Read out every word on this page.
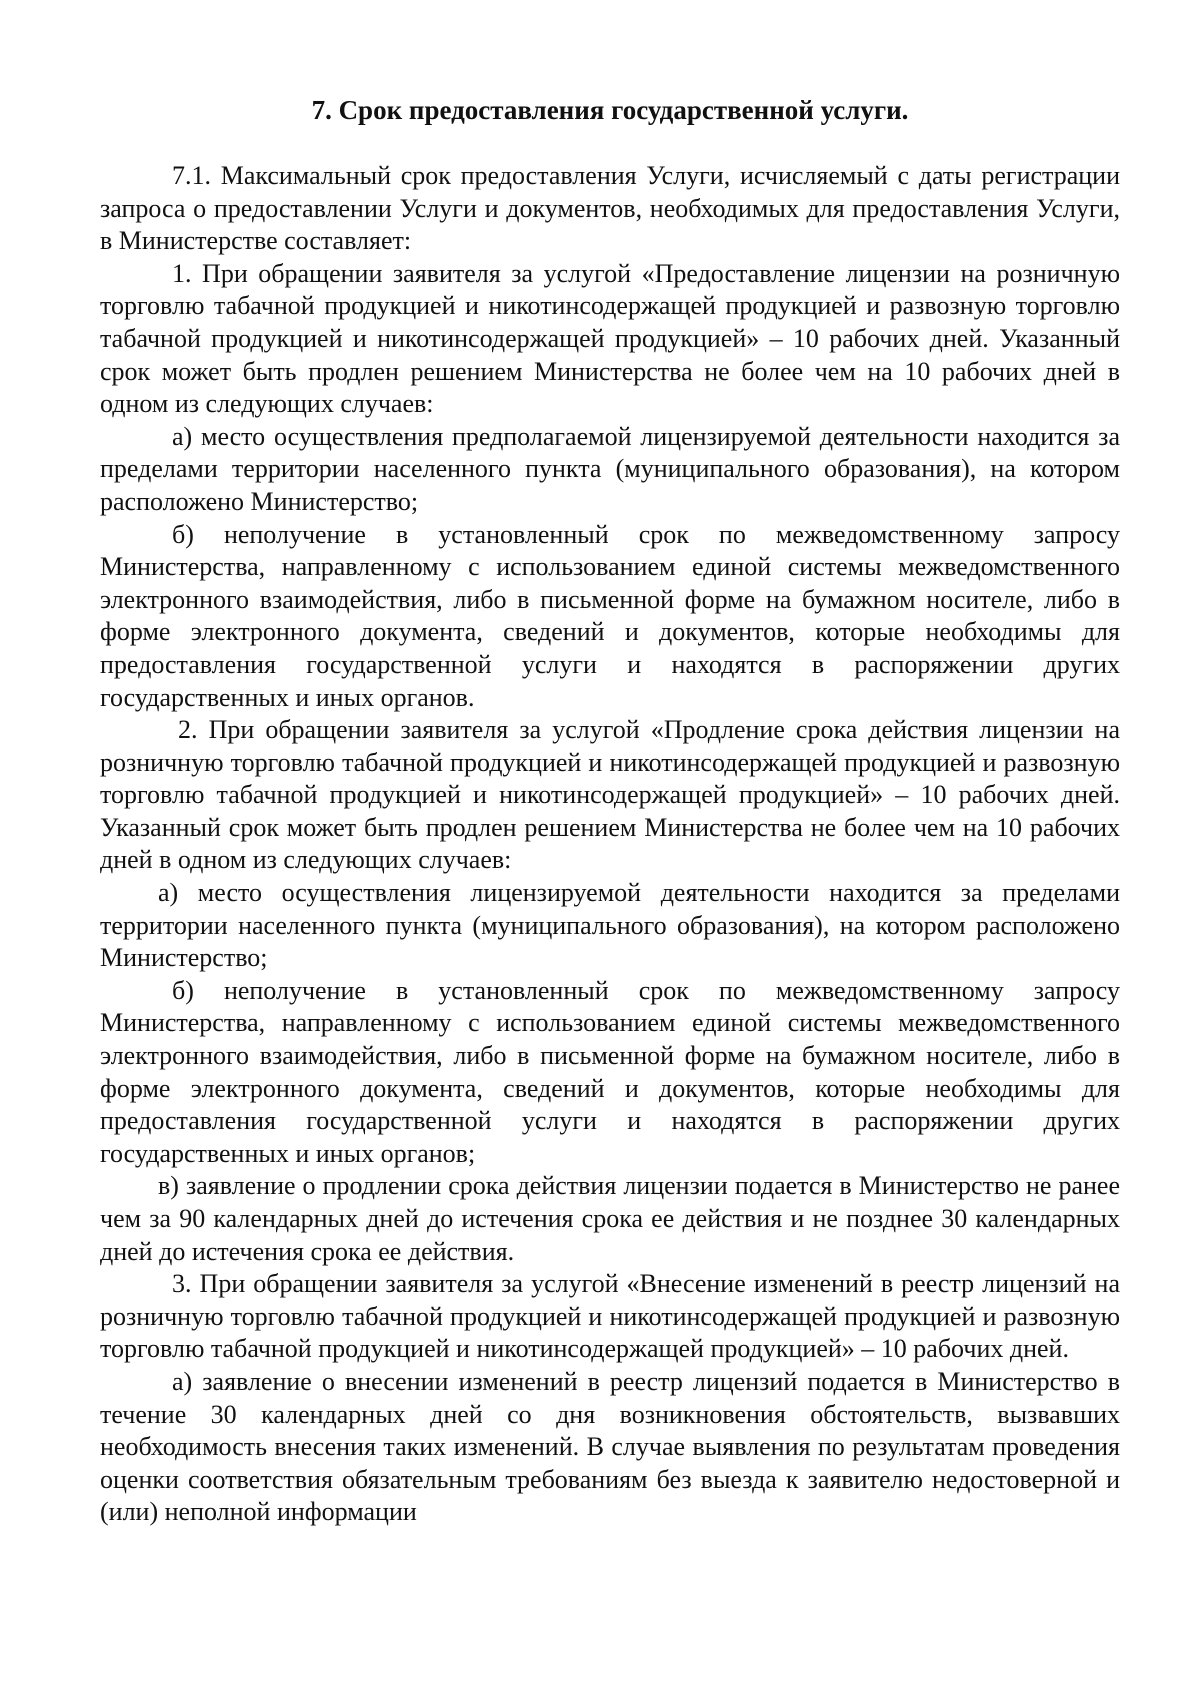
7. Срок предоставления государственной услуги.

7.1. Максимальный срок предоставления Услуги, исчисляемый с даты регистрации запроса о предоставлении Услуги и документов, необходимых для предоставления Услуги, в Министерстве составляет:

1. При обращении заявителя за услугой «Предоставление лицензии на розничную торговлю табачной продукцией и никотинсодержащей продукцией и развозную торговлю табачной продукцией и никотинсодержащей продукцией» – 10 рабочих дней. Указанный срок может быть продлен решением Министерства не более чем на 10 рабочих дней в одном из следующих случаев:

а) место осуществления предполагаемой лицензируемой деятельности находится за пределами территории населенного пункта (муниципального образования), на котором расположено Министерство;

б) неполучение в установленный срок по межведомственному запросу Министерства, направленному с использованием единой системы межведомственного электронного взаимодействия, либо в письменной форме на бумажном носителе, либо в форме электронного документа, сведений и документов, которые необходимы для предоставления государственной услуги и находятся в распоряжении других государственных и иных органов.

2. При обращении заявителя за услугой «Продление срока действия лицензии на розничную торговлю табачной продукцией и никотинсодержащей продукцией и развозную торговлю табачной продукцией и никотинсодержащей продукцией» – 10 рабочих дней. Указанный срок может быть продлен решением Министерства не более чем на 10 рабочих дней в одном из следующих случаев:

а) место осуществления лицензируемой деятельности находится за пределами территории населенного пункта (муниципального образования), на котором расположено Министерство;

б) неполучение в установленный срок по межведомственному запросу Министерства, направленному с использованием единой системы межведомственного электронного взаимодействия, либо в письменной форме на бумажном носителе, либо в форме электронного документа, сведений и документов, которые необходимы для предоставления государственной услуги и находятся в распоряжении других государственных и иных органов;

в) заявление о продлении срока действия лицензии подается в Министерство не ранее чем за 90 календарных дней до истечения срока ее действия и не позднее 30 календарных дней до истечения срока ее действия.

3. При обращении заявителя за услугой «Внесение изменений в реестр лицензий на розничную торговлю табачной продукцией и никотинсодержащей продукцией и развозную торговлю табачной продукцией и никотинсодержащей продукцией» – 10 рабочих дней.

а) заявление о внесении изменений в реестр лицензий подается в Министерство в течение 30 календарных дней со дня возникновения обстоятельств, вызвавших необходимость внесения таких изменений. В случае выявления по результатам проведения оценки соответствия обязательным требованиям без выезда к заявителю недостоверной и (или) неполной информации
